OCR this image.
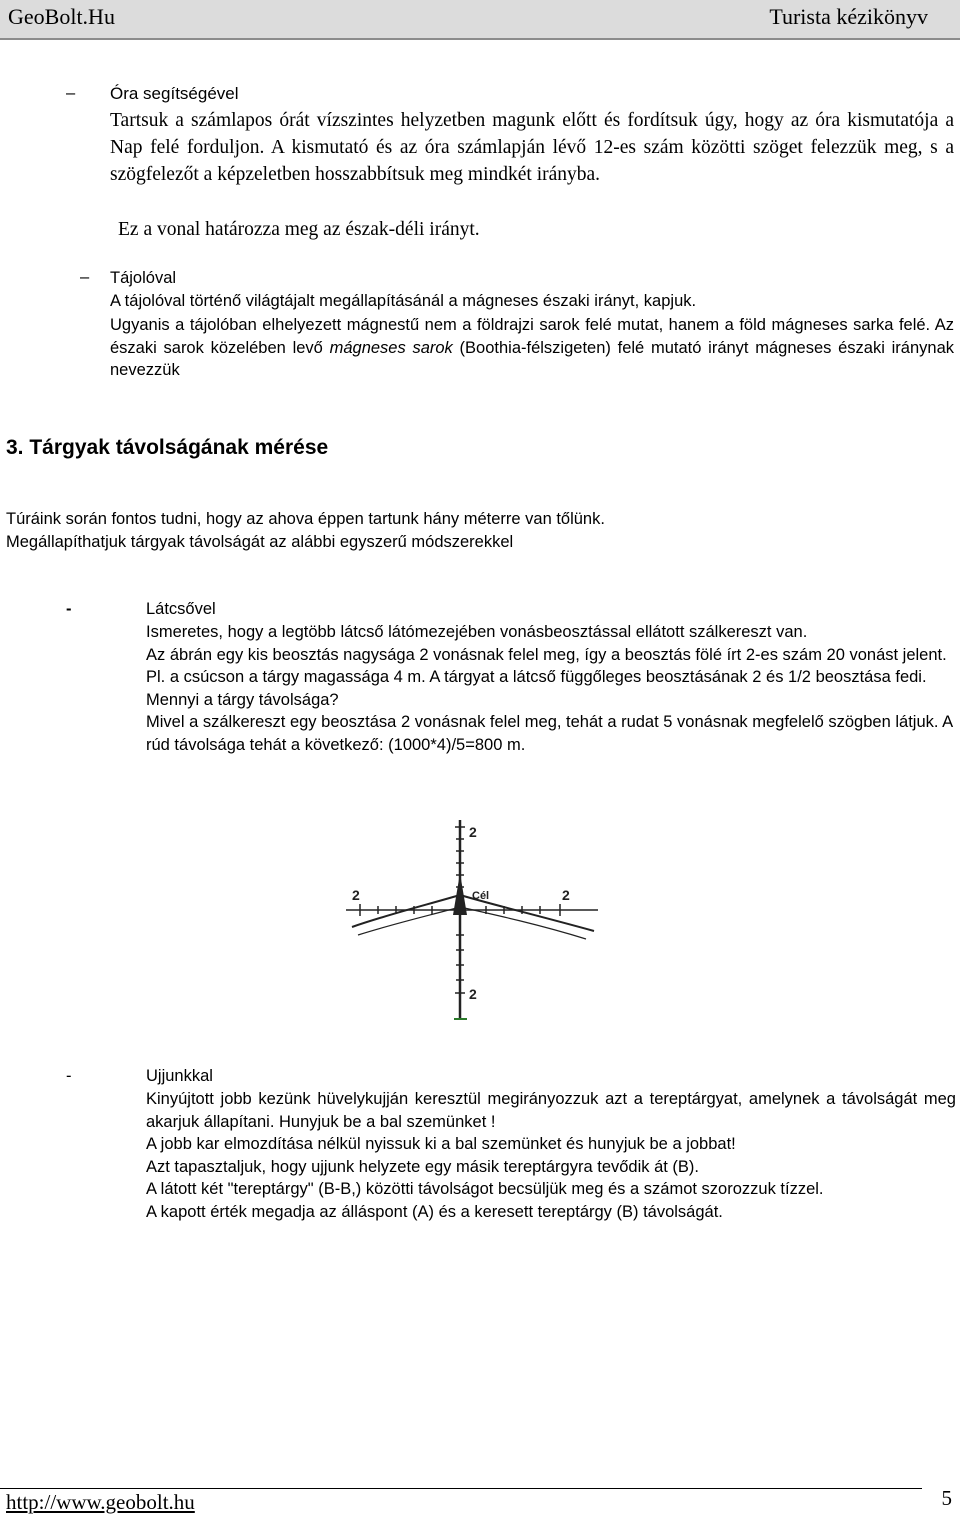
GeoBolt.Hu	Turista kézikönyv
– Óra segítségével
Tartsuk a számlapos órát vízszintes helyzetben magunk előtt és fordítsuk úgy, hogy az óra kismutatója a Nap felé forduljon. A kismutató és az óra számlapján lévő 12-es szám közötti szöget felezzük meg, s a szögfelezőt a képzeletben hosszabbítsuk meg mindkét irányba.
Ez a vonal határozza meg az észak-déli irányt.
– Tájolóval
A tájolóval történő világtájalt megállapításánál a mágneses északi irányt, kapjuk.

Ugyanis a tájolóban elhelyezett mágnestű nem a földrajzi sarok felé mutat, hanem a föld mágneses sarka felé. Az északi sarok közelében levő mágneses sarok (Boothia-félszigeten) felé mutató irányt mágneses északi iránynak nevezzük

3. Tárgyak távolságának mérése
Túráink során fontos tudni, hogy az ahova éppen tartunk hány méterre van tőlünk.
Megállapíthatjuk tárgyak távolságát az alábbi egyszerű módszerekkel
-	Látcsővel

Ismeretes, hogy a legtöbb látcső látómezejében vonásbeosztással ellátott szálkereszt van.

Az ábrán egy kis beosztás nagysága 2 vonásnak felel meg, így a beosztás fölé írt 2-es szám 20 vonást jelent.

Pl. a csúcson a tárgy magassága 4 m. A tárgyat a látcső függőleges beosztásának 2 és 1/2 beosztása fedi. Mennyi a tárgy távolsága?

Mivel a szálkereszt egy beosztása 2 vonásnak felel meg, tehát a rudat 5 vonásnak megfelelő szögben látjuk. A rúd távolsága tehát a következő: (1000*4)/5=800 m.

2
2	2
2
Cél
-	Ujjunkkal

Kinyújtott jobb kezünk hüvelykujján keresztül megirányozzuk azt a tereptárgyat, amelynek a távolságát meg akarjuk állapítani. Hunyjuk be a bal szemünket !

A jobb kar elmozdítása nélkül nyissuk ki a bal szemünket és hunyjuk be a jobbat!

Azt tapasztaljuk, hogy ujjunk helyzete egy másik tereptárgyra tevődik át (B).

A látott két "tereptárgy" (B-B,) közötti távolságot becsüljük meg és a számot szorozzuk tízzel.

A kapott érték megadja az álláspont (A) és a keresett tereptárgy (B) távolságát.

http://www.geobolt.hu	5
